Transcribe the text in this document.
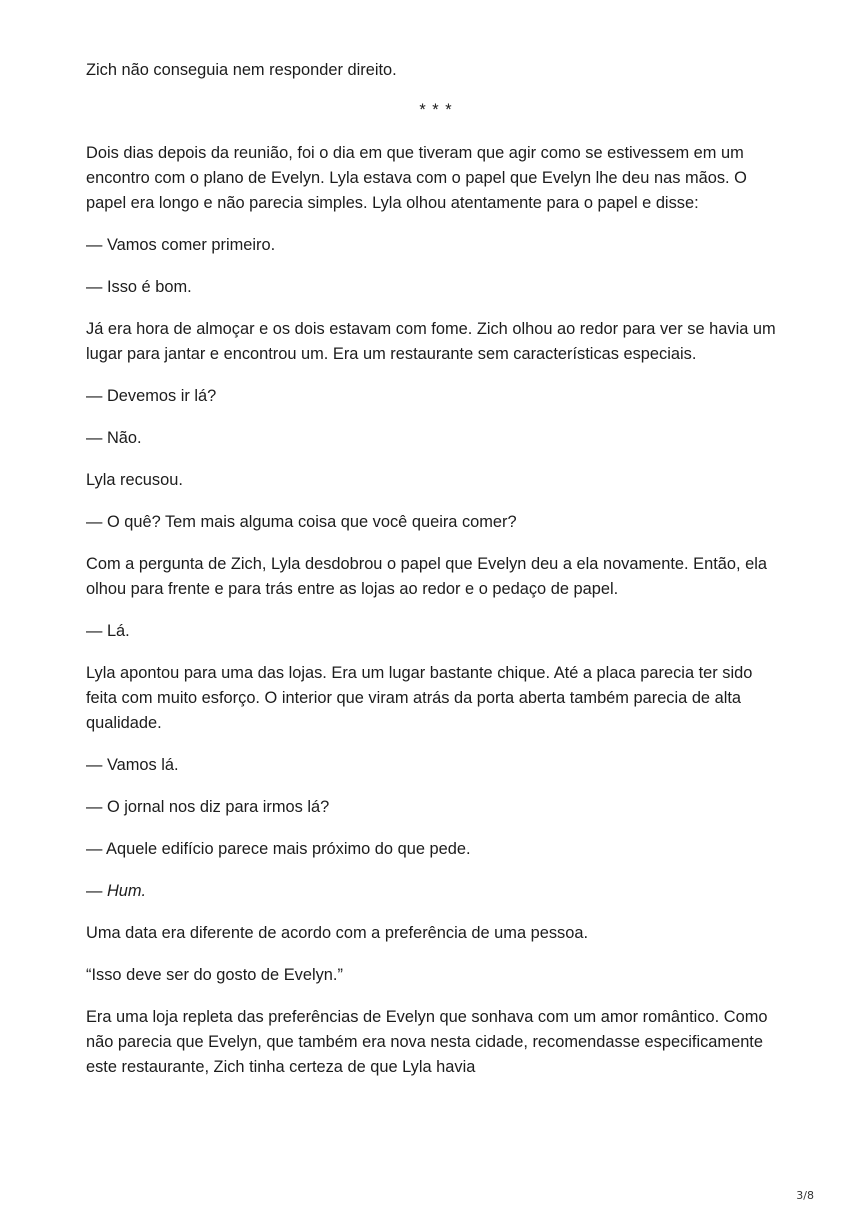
Zich não conseguia nem responder direito.

* * *

Dois dias depois da reunião, foi o dia em que tiveram que agir como se estivessem em um encontro com o plano de Evelyn. Lyla estava com o papel que Evelyn lhe deu nas mãos. O papel era longo e não parecia simples. Lyla olhou atentamente para o papel e disse:

— Vamos comer primeiro.

— Isso é bom.

Já era hora de almoçar e os dois estavam com fome. Zich olhou ao redor para ver se havia um lugar para jantar e encontrou um. Era um restaurante sem características especiais.

— Devemos ir lá?

— Não.

Lyla recusou.

— O quê? Tem mais alguma coisa que você queira comer?

Com a pergunta de Zich, Lyla desdobrou o papel que Evelyn deu a ela novamente. Então, ela olhou para frente e para trás entre as lojas ao redor e o pedaço de papel.

— Lá.

Lyla apontou para uma das lojas. Era um lugar bastante chique. Até a placa parecia ter sido feita com muito esforço. O interior que viram atrás da porta aberta também parecia de alta qualidade.

— Vamos lá.

— O jornal nos diz para irmos lá?

— Aquele edifício parece mais próximo do que pede.

— Hum.

Uma data era diferente de acordo com a preferência de uma pessoa.

“Isso deve ser do gosto de Evelyn.”

Era uma loja repleta das preferências de Evelyn que sonhava com um amor romântico. Como não parecia que Evelyn, que também era nova nesta cidade, recomendasse especificamente este restaurante, Zich tinha certeza de que Lyla havia

3/8
